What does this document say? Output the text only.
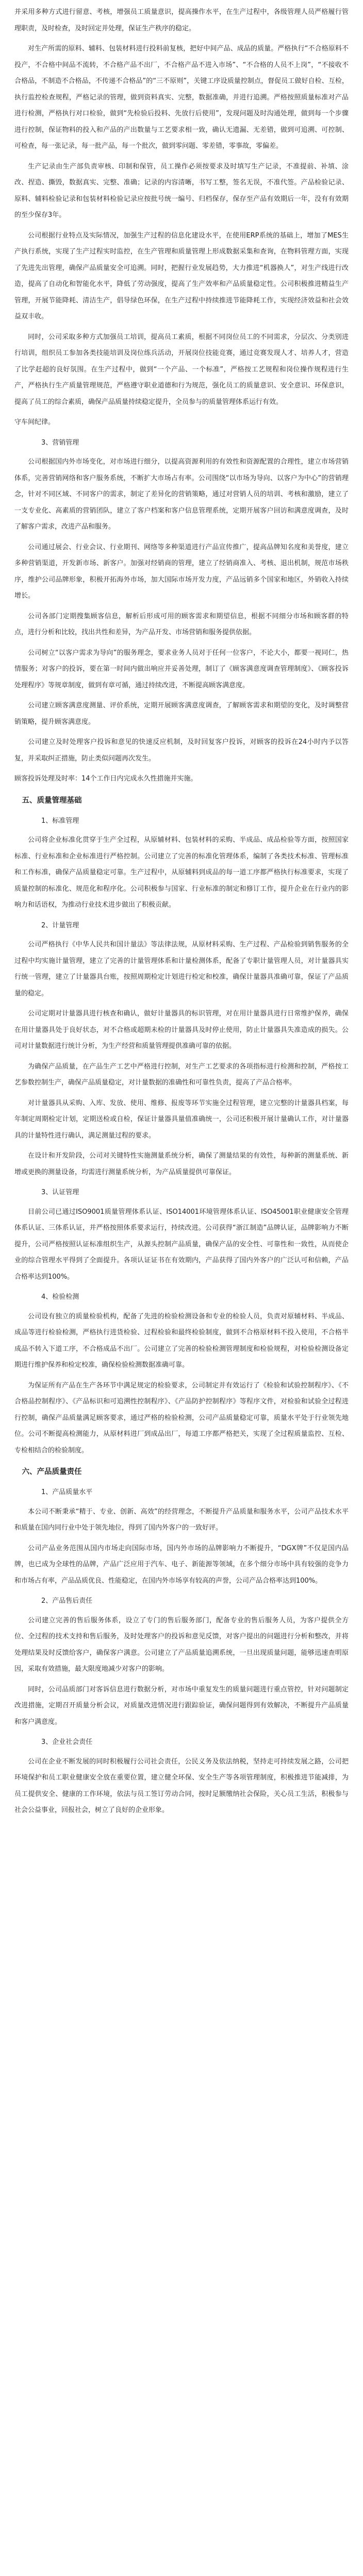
并采用多种方式进行留意、考核，增强员工质量意识，提高操作水平，在生产过程中，各级管理人员严格履行管理职责，及时检查，及时回定并处理，保证生产秩序的稳定。

对生产所需的原料、辅料、包装材料进行投料前复核，把好中间产品、成品的质量。严格执行“不合格原料不投产，不合格中间品不流转，不合格产品不出厂，不合格产品不进入市场”、“不合格的人员不上岗”，“不接收不合格品，不制造不合格品，不传递不合格品”的“三不原则”，关键工序设质量控制点，督促员工做好自检、互检，执行监控检查规程，严格记录的管理，做到资料真实、完整，数据准确，并进行追溯。严格按照质量标准对产品进行检测，严格执行对口检验，做到“先检验后投料、先放行后使用”，发现问题及时沟通处理，做到每一个步骤进行控制，保证物料的投入和产品的产出数量与工艺要求相一致，确认无遗漏、无差错，做到可追溯、可控制、可检查，每一张记录，每一批产品，每一个批次，做到零问题、零差错，零事故，零偏差。

生产记录由生产部负责审核、印制和保管，员工操作必须按要求及时填写生产记录，不准提前、补填、涂改、捏造、撕毁，数据真实、完整、准确；记录的内容清晰，书写工整，签名无误，不准代签。产品检验记录、原料、辅料检验记录和包装材料检验记录应按批号统一编号、归档保存，保存至产品有效期后一年，没有有效期的至少保存3年。

公司根据行业特点及实际情况，加强生产过程的信息化建设水平，在使用ERP系统的基础上，增加了MES生产执行系统，实现了生产过程实时监控，在生产管理和质量管理上形成数据采集和查询，在物料管理方面，实现了先进先出管理，确保产品质量安全可追溯。同时，把握行业发展趋势，大力推进“机器换人”，对生产线进行改造，提高了自动化和智能化水平，降低了劳动强度，提高了生产效率和产品质量稳定性。公司积极推进精益生产管理，开展节能降耗、清洁生产，倡导绿色环保，在生产过程中持续推进节能降耗工作，实现经济效益和社会效益双丰收。

同时，公司采取多种方式加强员工培训，提高员工素质，根据不同岗位员工的不同需求，分层次、分类别进行培训，组织员工参加各类技能培训及岗位练兵活动，开展岗位技能竞赛，通过竞赛发现人才、培养人才，营造了比学赶超的良好氛围。在生产过程中，做到“一个产品、一个标准”，严格按工艺规程和岗位操作规程进行生产，严格执行生产质量管理规范，严格遵守职业道德和行为规范，强化员工的质量意识、安全意识、环保意识，提高了员工的综合素质，确保产品质量持续稳定提升，全员参与的质量管理体系运行有效。

守车间纪律。

3、营销管理

公司根据国内外市场变化，对市场进行细分，以提高资源利用的有效性和资源配置的合理性，建立市场营销体系，完善营销网络和客户服务系统，不断扩大市场占有率。公司围绕“以市场为导向、以客户为中心”的营销理念，针对不同区域、不同客户的需求，制定了差异化的营销策略，通过对营销人员的培训、考核和激励，建立了一支专业化、高素质的营销团队，建立了客户档案和客户信息管理系统，定期开展客户回访和满意度调查，及时了解客户需求，改进产品和服务。

公司通过展会、行业会议、行业期刊、网络等多种渠道进行产品宣传推广，提高品牌知名度和美誉度，建立多种营销渠道，开发新市场、新客户。加强对经销商的管理，建立了经销商准入、考核、退出机制，规范市场秩序，维护公司品牌形象，积极开拓海外市场，加大国际市场开发力度，产品远销多个国家和地区，外销收入持续增长。

公司各部门定期搜集顾客信息，解析后形成可用的顾客需求和期望信息，根据不同细分市场和顾客群的特点，进行分析和比较，找出共性和差异，为产品开发、市场营销和服务提供依据。

公司树立“以客户需求为导向”的服务理念，要求业务人员对于任何一位客户，不论大小，都要一视同仁，热情服务；对客户的投诉，要在第一时间内做出响应并妥善处理，制订了《顾客满意度调查管理制度》、《顾客投诉处理程序》等规章制度，做到有章可循，通过持续改进，不断提高顾客满意度。

公司建立顾客满意度测量、评价系统，定期开展顾客满意度调查，了解顾客需求和期望的变化，及时调整营销策略，提升顾客满意度。

公司建立及时处理客户投诉和意见的快速反应机制，及时回复客户投诉，对顾客的投诉在24小时内予以答复，并采取纠正措施，防止类似问题再次发生。

顾客投诉处理及时率：14个工作日内完成永久性措施并实施。

五、质量管理基础
1、标准管理

公司将企业标准化贯穿于生产全过程，从原辅材料、包装材料的采购、半成品、成品检验等方面，按照国家标准、行业标准和企业标准进行严格控制。公司建立了完善的标准化管理体系，编制了各类技术标准、管理标准和工作标准，确保产品质量稳定可靠。生产过程中，从原辅料到成品的每一道工序都严格执行标准要求，实现了质量控制的标准化、规范化和程序化。公司积极参与国家、行业标准的制定和修订工作，提升企业在行业内的影响力和话语权，为推动行业技术进步做出了积极贡献。

2、计量管理

公司严格执行《中华人民共和国计量法》等法律法规，从原材料采购、生产过程、产品检验到销售服务的全过程中均实施计量管理，建立了完善的计量管理体系和计量检测体系，配备了专职计量管理人员，对计量器具实行统一管理，建立了计量器具台账，按照周期检定计划进行检定和校准，确保计量器具准确可靠，保证了产品质量的稳定。

公司定期对计量器具进行核查和确认，做好计量器具的标识管理，对在用计量器具进行日常维护保养，确保在用计量器具处于良好状态，对不合格或超期未检的计量器具及时停止使用，防止计量器具失准造成的损失。公司对计量数据进行统计分析，为生产经营和质量管理提供准确可靠的依据。

为确保产品质量，在产品生产工艺中严格进行控制，对生产工艺要求的各项指标进行检测和控制，严格按工艺参数控制生产，确保产品质量稳定，对计量数据的准确性和可靠性负责，提高了产品合格率。

对计量器具从采购、入库、发放、使用、维修、报废等环节实施全过程管理，建立完整的计量器具档案，每年制定周期检定计划，定期送检或自检，保证计量器具量值准确统一，公司还积极开展计量确认工作，对计量器具的计量特性进行确认，满足测量过程的要求。

在设计和开发阶段，公司对关键特性实施测量系统分析，确保了测量结果的有效性，每种新的测量系统、新增或更换的测量设备，均需进行测量系统分析，为产品质量提供可靠保证。

3、认证管理

目前公司已通过ISO9001质量管理体系认证、ISO14001环境管理体系认证、ISO45001职业健康安全管理体系认证、三体系认证，并严格按照体系要求运行，持续改进。公司获得“浙江制造”品牌认证，品牌影响力不断提升，公司严格按照认证标准组织生产，从源头控制产品质量，确保产品的安全性、可靠性和一致性，从而使企业的综合管理水平得到了全面提升。各项认证证书在有效期内，产品获得了国内外客户的广泛认可和信赖，产品合格率达到100%。

4、检验检测

公司设有独立的质量检验机构，配备了先进的检验检测设备和专业的检验人员，负责对原辅材料、半成品、成品等进行检验检测，严格执行进货检验、过程检验和最终检验制度，做到不合格原材料不投入使用，不合格半成品不转入下道工序，不合格成品不出厂。公司建立了完善的检验检测管理制度和检验规程，对检验检测设备定期进行维护保养和检定校准，确保检验检测数据准确可靠。

为保证所有产品在生产各环节中满足规定的检验要求，公司制定并有效运行了《检验和试验控制程序》、《不合格品控制程序》、《产品标识和可追溯性控制程序》、《产品防护控制程序》等程序文件，对检验和试验全过程进行控制，确保产品质量满足顾客要求，通过严格的检验检测，公司产品质量稳定可靠，质量水平处于行业领先地位。公司不断提高检测能力，从原材料进厂到成品出厂，每道工序都严格把关，实现了全过程质量监控、互检、专检相结合的检验制度。

六、产品质量责任
1、产品质量水平

本公司不断秉承“精于、专业、创新、高效”的经营理念，不断提升产品质量和服务水平，公司产品技术水平和质量在国内同行业中处于领先地位，得到了国内外客户的一致好评。

公司产品业务范围从国内市场走向国际市场，国内外市场的品牌影响力不断提升，“DGX牌”不仅是国内品牌，也已成为全球性的品牌，产品广泛应用于汽车、电子、新能源等领域，在多个细分市场中具有较强的竞争力和市场占有率，产品品质优良、性能稳定，在国内外市场享有较高的声誉，公司产品合格率达到100%。

2、产品售后责任

公司建立完善的售后服务体系，设立了专门的售后服务部门，配备专业的售后服务人员，为客户提供全方位、全过程的技术支持和售后服务，及时处理客户的投诉和意见反馈，对客户提出的问题进行分析和整改，并将处理结果及时反馈给客户，确保客户满意。公司建立了产品质量追溯系统，一旦出现质量问题，能够迅速查明原因，采取有效措施，最大限度地减少对客户的影响。

同时，公司品质部门对客诉信息进行数据分析，对市场中重复发生的质量问题进行重点管控，针对问题制定改进措施，定期召开质量分析会议，对质量改进情况进行跟踪验证，确保问题得到有效解决，不断提升产品质量和客户满意度。

3、企业社会责任

公司在企业不断发展的同时积极履行公司社会责任，公民义务及依法纳税，坚持走可持续发展之路，公司把环境保护和员工职业健康安全放在重要位置，建立健全环保、安全生产等各项管理制度，积极推进节能减排，为员工提供安全、健康的工作环境，依法与员工签订劳动合同，按时足额缴纳社会保险，关心员工生活，积极参与社会公益事业，回报社会，树立了良好的企业形象。
